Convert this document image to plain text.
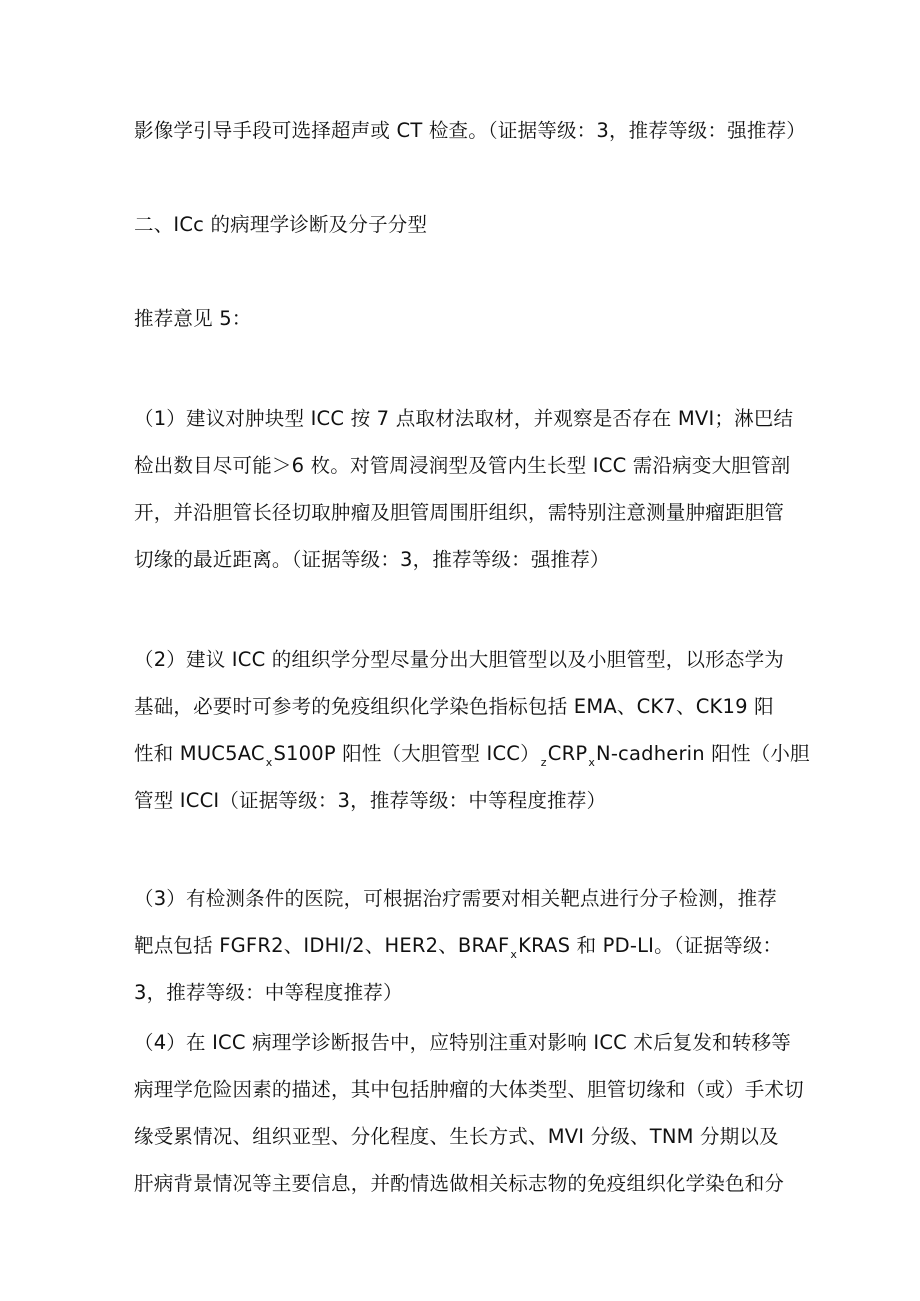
影像学引导手段可选择超声或 CT 检查。（证据等级：3，推荐等级：强推荐）
二、ICc 的病理学诊断及分子分型
推荐意见 5：
（1）建议对肿块型 ICC 按 7 点取材法取材，并观察是否存在 MVI；淋巴结
检出数目尽可能＞6 枚。对管周浸润型及管内生长型 ICC 需沿病变大胆管剖
开，并沿胆管长径切取肿瘤及胆管周围肝组织，需特别注意测量肿瘤距胆管
切缘的最近距离。（证据等级：3，推荐等级：强推荐）
（2）建议 ICC 的组织学分型尽量分出大胆管型以及小胆管型，以形态学为
基础，必要时可参考的免疫组织化学染色指标包括 EMA、CK7、CK19 阳
性和 $MUC5AC_xS100P$ 阳性（大胆管型 $ICC)_zCRP_xN$-cadherin 阳性（小胆
管型 ICCI（证据等级：3，推荐等级：中等程度推荐）
（3）有检测条件的医院，可根据治疗需要对相关靶点进行分子检测，推荐
靶点包括 FGFR2、IDHI/2、HER2、$BRAF_xKRAS$ 和 PD-LI。（证据等级：
3，推荐等级：中等程度推荐）
（4）在 ICC 病理学诊断报告中，应特别注重对影响 ICC 术后复发和转移等
病理学危险因素的描述，其中包括肿瘤的大体类型、胆管切缘和（或）手术切
缘受累情况、组织亚型、分化程度、生长方式、MVI 分级、TNM 分期以及
肝病背景情况等主要信息，并酌情选做相关标志物的免疫组织化学染色和分
